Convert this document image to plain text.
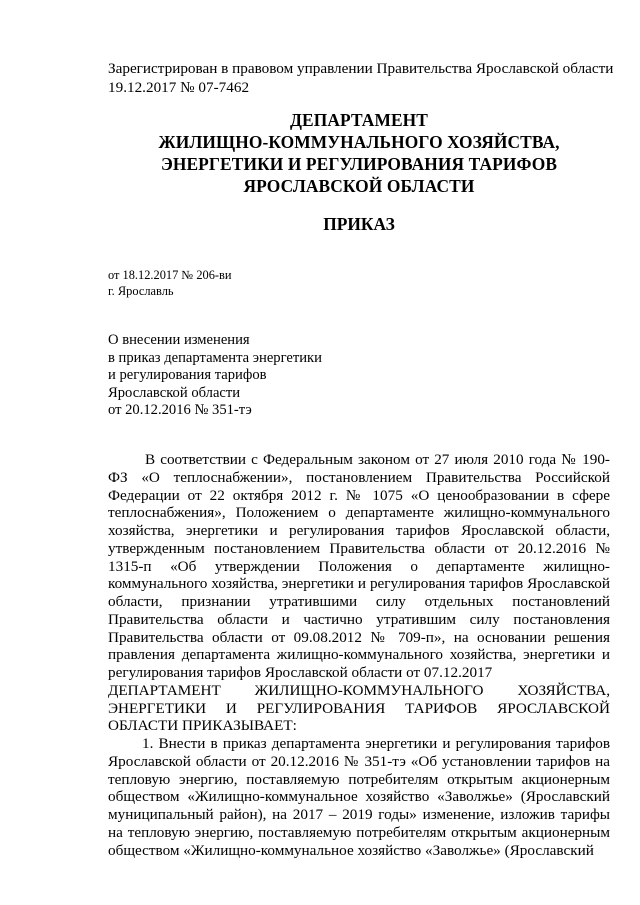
Зарегистрирован в правовом управлении Правительства Ярославской области
19.12.2017 № 07-7462
ДЕПАРТАМЕНТ
ЖИЛИЩНО-КОММУНАЛЬНОГО ХОЗЯЙСТВА,
ЭНЕРГЕТИКИ И РЕГУЛИРОВАНИЯ ТАРИФОВ
ЯРОСЛАВСКОЙ ОБЛАСТИ
ПРИКАЗ
от 18.12.2017 № 206-ви
г. Ярославль
О внесении изменения
в приказ департамента энергетики
и регулирования тарифов
Ярославской области
от 20.12.2016 № 351-тэ

В соответствии с Федеральным законом от 27 июля 2010 года № 190-ФЗ «О теплоснабжении», постановлением Правительства Российской Федерации от 22 октября 2012 г. № 1075 «О ценообразовании в сфере теплоснабжения», Положением о департаменте жилищно-коммунального хозяйства, энергетики и регулирования тарифов Ярославской области, утвержденным постановлением Правительства области от 20.12.2016 № 1315-п «Об утверждении Положения о департаменте жилищно-коммунального хозяйства, энергетики и регулирования тарифов Ярославской области, признании утратившими силу отдельных постановлений Правительства области и частично утратившим силу постановления Правительства области от 09.08.2012 № 709-п», на основании решения правления департамента жилищно-коммунального хозяйства, энергетики и регулирования тарифов Ярославской области от 07.12.2017

ДЕПАРТАМЕНТ ЖИЛИЩНО-КОММУНАЛЬНОГО ХОЗЯЙСТВА, ЭНЕРГЕТИКИ И РЕГУЛИРОВАНИЯ ТАРИФОВ ЯРОСЛАВСКОЙ

ОБЛАСТИ ПРИКАЗЫВАЕТ:

1. Внести в приказ департамента энергетики и регулирования тарифов Ярославской области от 20.12.2016 № 351-тэ «Об установлении тарифов на тепловую энергию, поставляемую потребителям открытым акционерным обществом «Жилищно-коммунальное хозяйство «Заволжье» (Ярославский муниципальный район), на 2017 – 2019 годы» изменение, изложив тарифы на тепловую энергию, поставляемую потребителям открытым акционерным обществом «Жилищно-коммунальное хозяйство «Заволжье» (Ярославский
